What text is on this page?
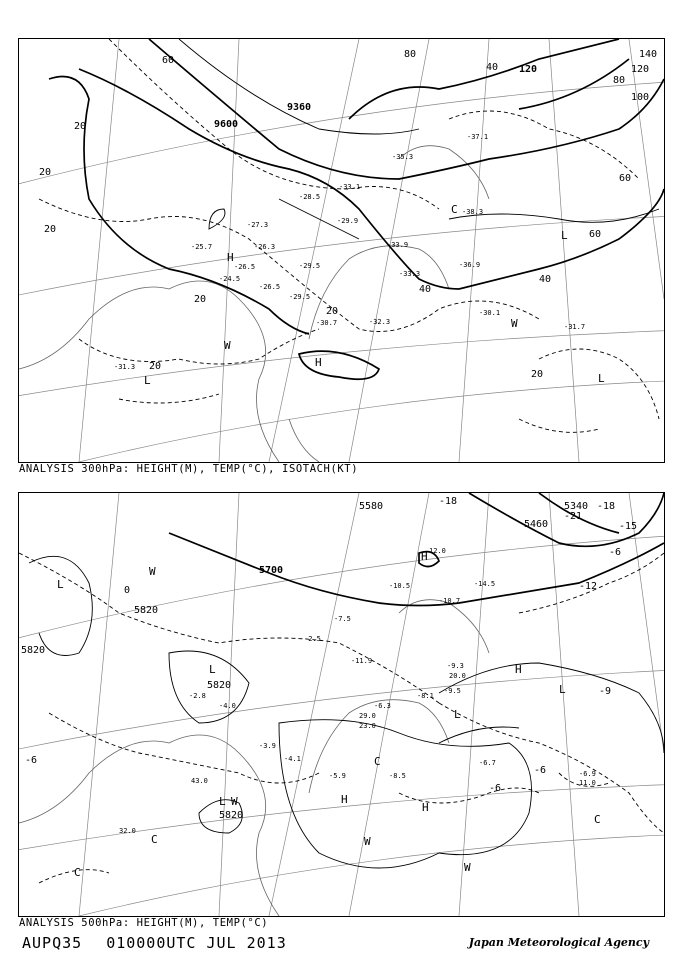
9600
9360
20
20
20
20
20
20
20
40
40
40
60
60
60
80
80
100
120	120
140
H
H
L	L
L
W
W
C
-37.1
-36.9
-38.3
-35.3
-33.1
-33.9
-33.3
-32.3
-30.1
-30.7
-29.9
-29.5
-28.5
-27.3
-26.3
-26.5
-24.5
-26.5
-25.7
-29.5
-31.7
-31.3
ANALYSIS 300hPa: HEIGHT(M), TEMP(°C), ISOTACH(KT)
5700
5820
5820
5820
5820
5580
5460
5340
-18
-21
-18
-15
-12
-9
-6
-6
-6
-6
0
L
L
L
L
L
H
H
H
H
W
W
W
W
C
C
C
C
-14.5
-10.5
-10.7
-11.9
-9.3
-9.5
-8.1
-6.3
-5.9
-4.1
-2.5
-2.8
-3.9
-4.0
-7.5
-6.7
-6.9
-8.5
12.0
11.0
20.0
29.0
43.0
32.0
23.0
ANALYSIS 500hPa: HEIGHT(M), TEMP(°C)
AUPQ35 010000UTC JUL 2013	Japan Meteorological Agency
